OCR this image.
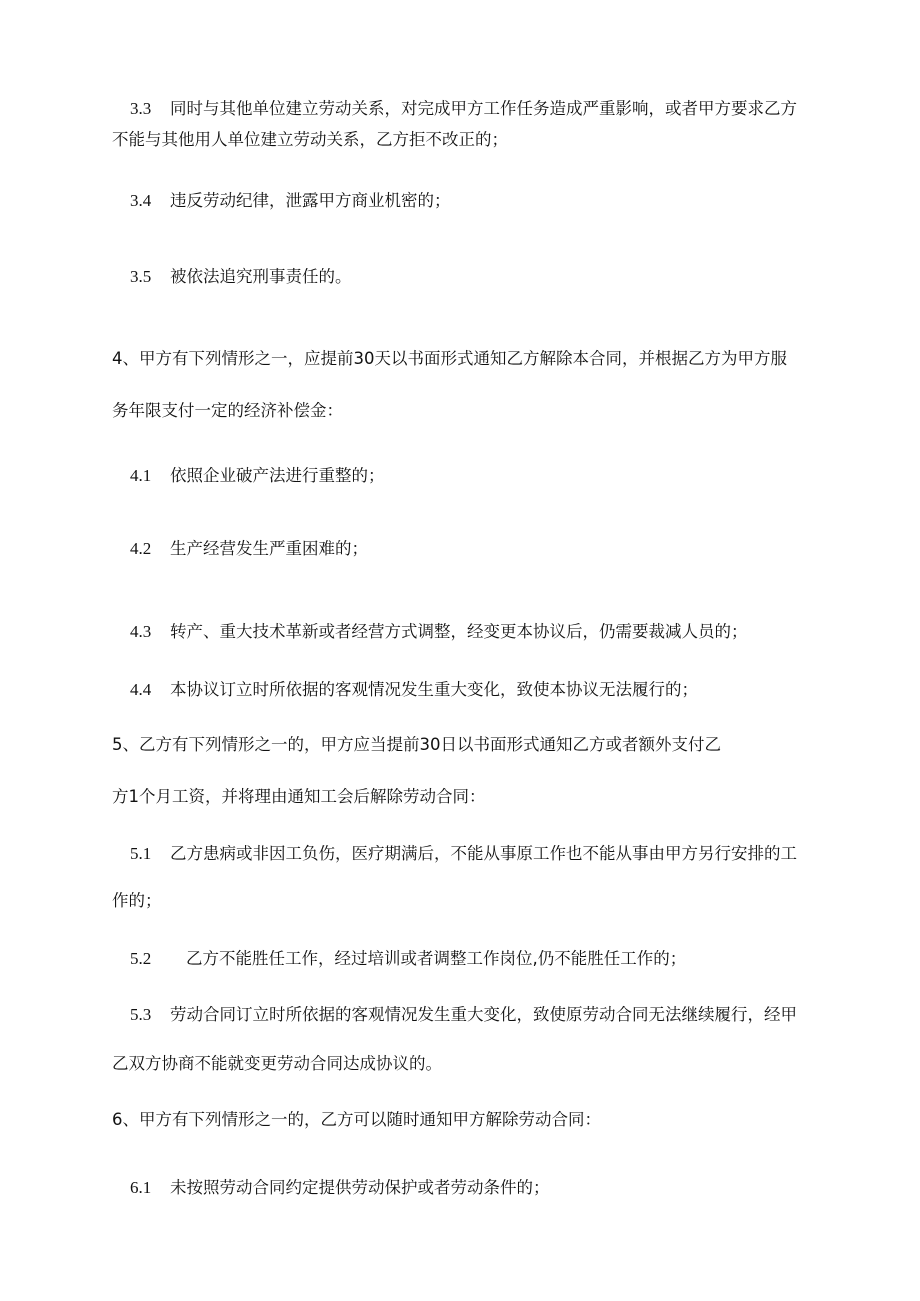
3.3 同时与其他单位建立劳动关系，对完成甲方工作任务造成严重影响，或者甲方要求乙方

不能与其他用人单位建立劳动关系，乙方拒不改正的；

3.4 违反劳动纪律，泄露甲方商业机密的；

3.5 被依法追究刑事责任的。

4、甲方有下列情形之一，应提前30天以书面形式通知乙方解除本合同，并根据乙方为甲方服

务年限支付一定的经济补偿金：

4.1 依照企业破产法进行重整的；

4.2 生产经营发生严重困难的；

4.3 转产、重大技术革新或者经营方式调整，经变更本协议后，仍需要裁减人员的；

4.4 本协议订立时所依据的客观情况发生重大变化，致使本协议无法履行的；

5、乙方有下列情形之一的，甲方应当提前30日以书面形式通知乙方或者额外支付乙

方1个月工资，并将理由通知工会后解除劳动合同：

5.1 乙方患病或非因工负伤，医疗期满后，不能从事原工作也不能从事由甲方另行安排的工

作的；

5.2 乙方不能胜任工作，经过培训或者调整工作岗位,仍不能胜任工作的；

5.3 劳动合同订立时所依据的客观情况发生重大变化，致使原劳动合同无法继续履行，经甲

乙双方协商不能就变更劳动合同达成协议的。

6、甲方有下列情形之一的，乙方可以随时通知甲方解除劳动合同：

6.1 未按照劳动合同约定提供劳动保护或者劳动条件的；
